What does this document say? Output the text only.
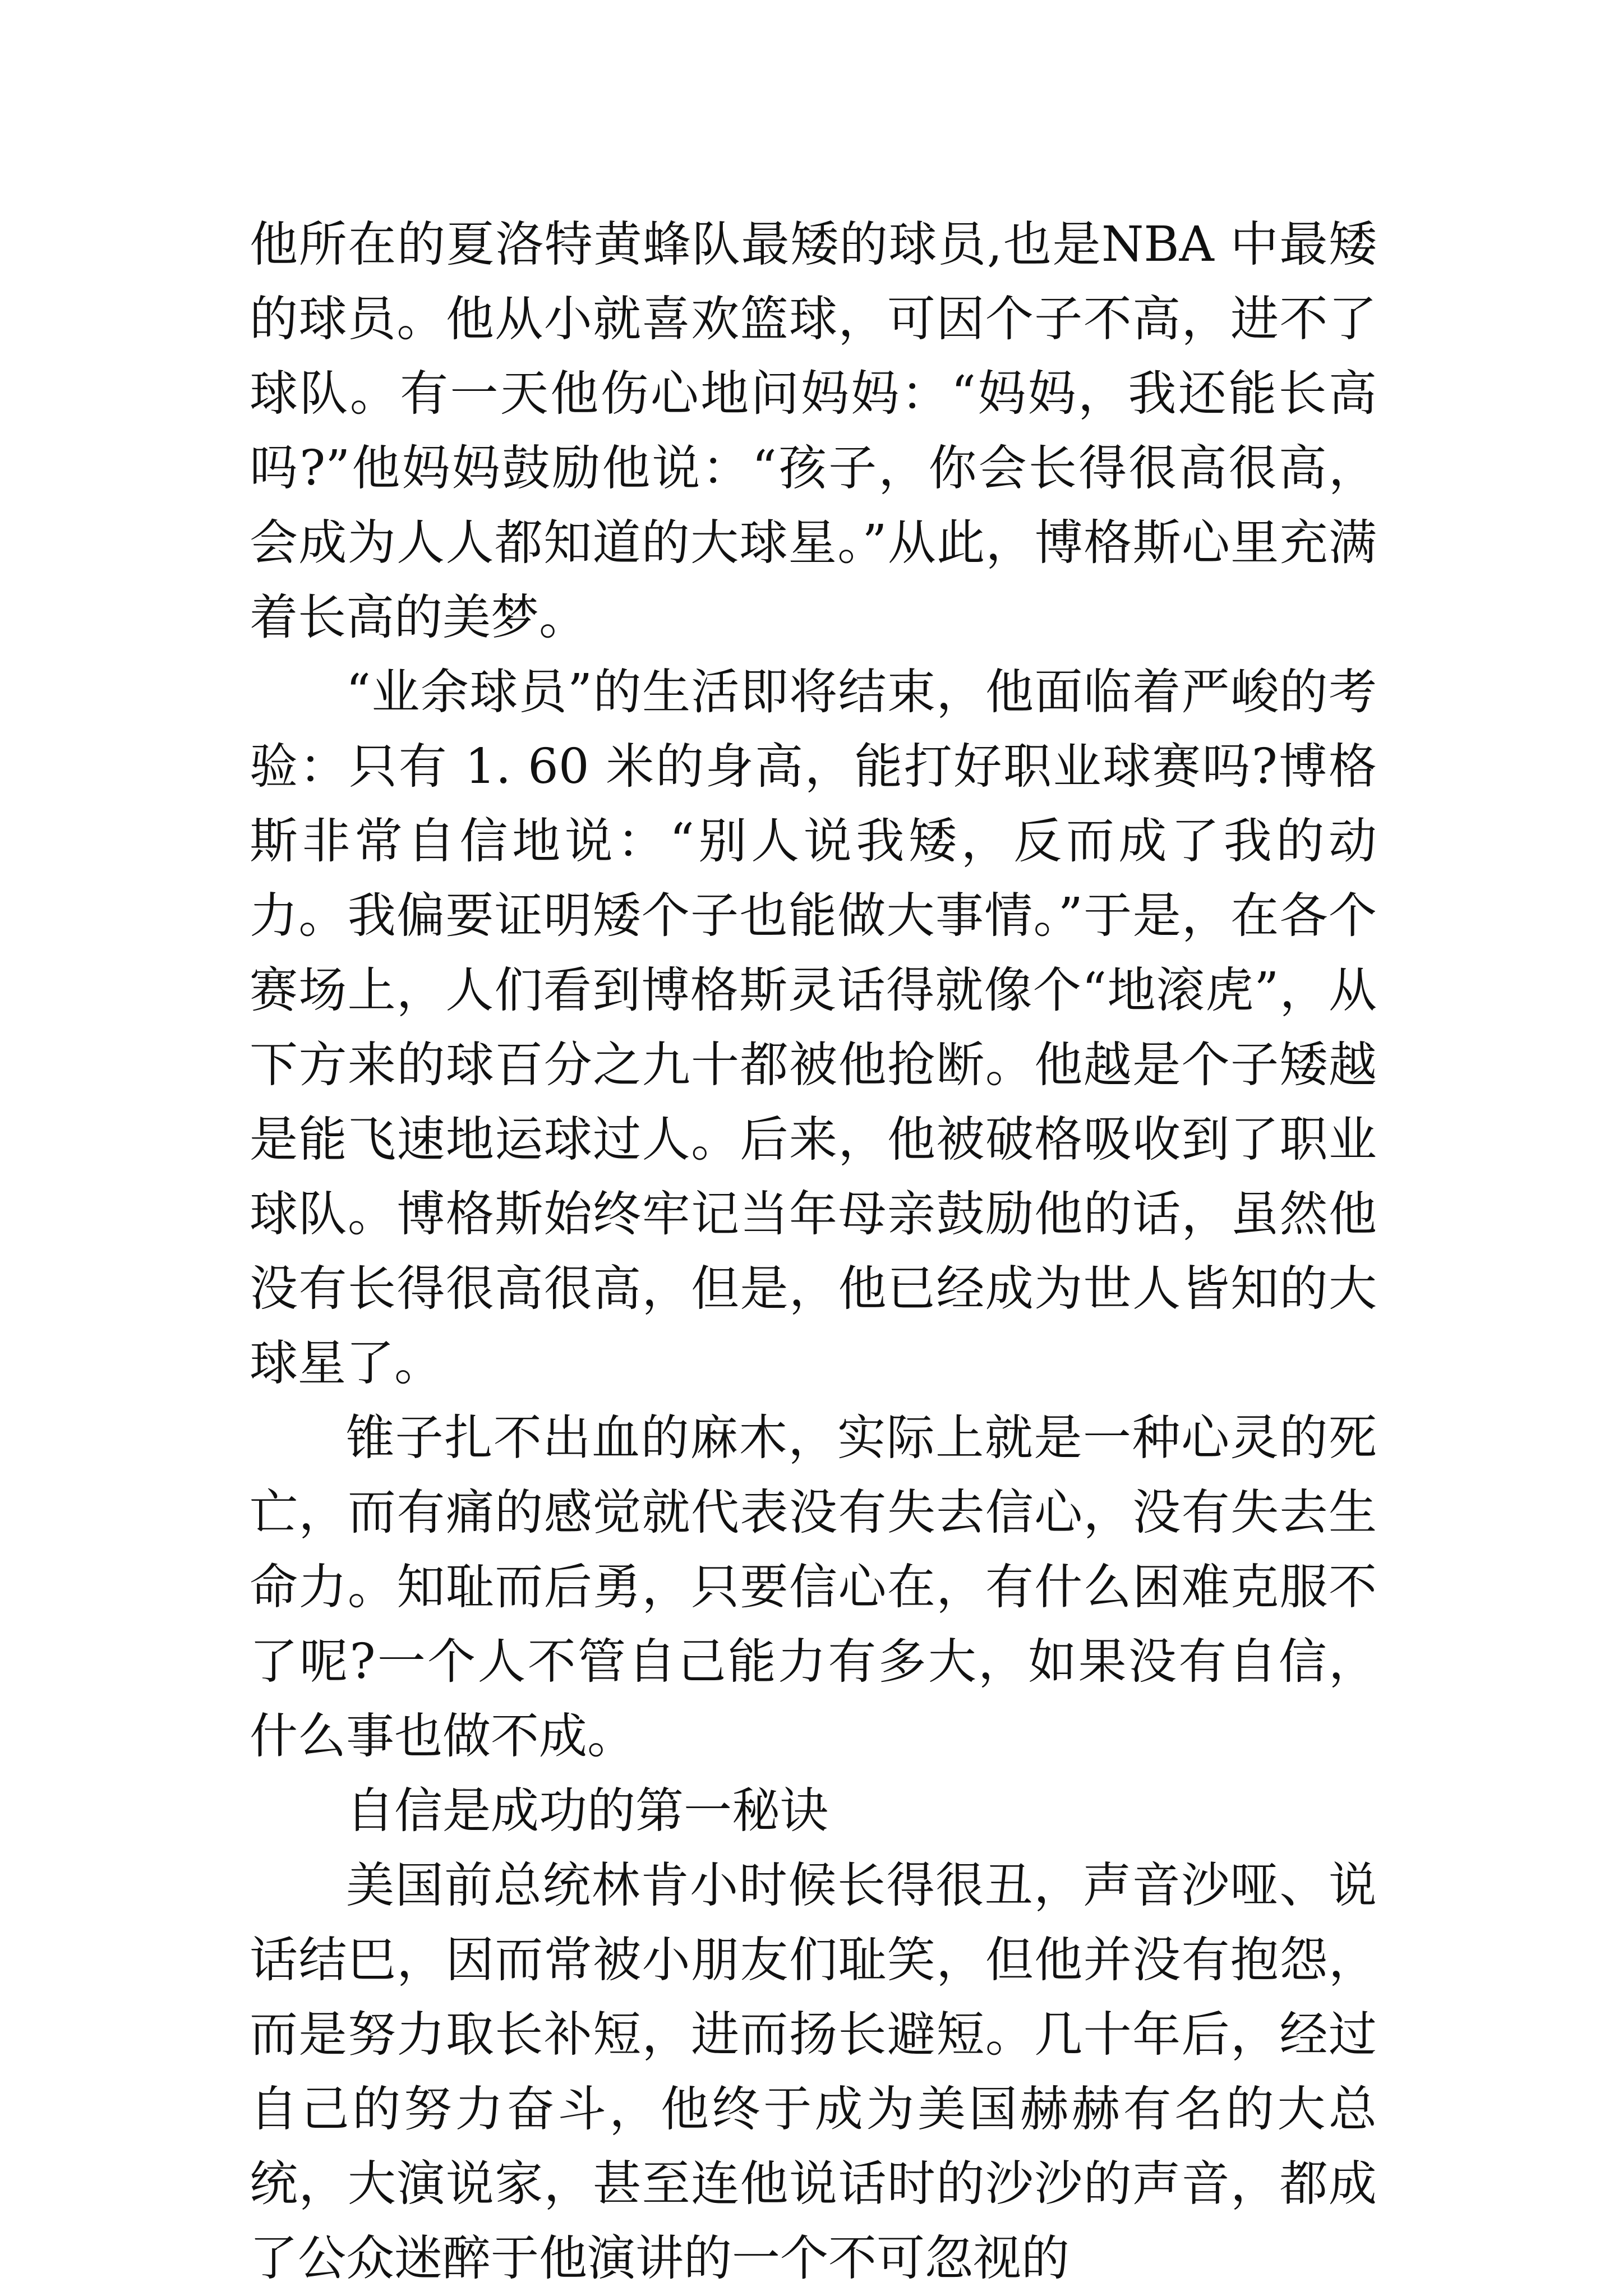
他所在的夏洛特黄蜂队最矮的球员,也是NBA 中最矮的球员。他从小就喜欢篮球，可因个子不高，进不了球队。有一天他伤心地问妈妈：“妈妈，我还能长高吗?”他妈妈鼓励他说：“孩子，你会长得很高很高，会成为人人都知道的大球星。”从此，博格斯心里充满着长高的美梦。

“业余球员”的生活即将结束，他面临着严峻的考验：只有 1. 60 米的身高，能打好职业球赛吗?博格斯非常自信地说：“别人说我矮，反而成了我的动力。我偏要证明矮个子也能做大事情。”于是，在各个赛场上，人们看到博格斯灵话得就像个“地滚虎”，从下方来的球百分之九十都被他抢断。他越是个子矮越是能飞速地运球过人。后来，他被破格吸收到了职业球队。博格斯始终牢记当年母亲鼓励他的话，虽然他没有长得很高很高，但是，他已经成为世人皆知的大球星了。

锥子扎不出血的麻木，实际上就是一种心灵的死亡，而有痛的感觉就代表没有失去信心，没有失去生命力。知耻而后勇，只要信心在，有什么困难克服不了呢?一个人不管自己能力有多大，如果没有自信，什么事也做不成。

自信是成功的第一秘诀

美国前总统林肯小时候长得很丑，声音沙哑、说话结巴，因而常被小朋友们耻笑，但他并没有抱怨，而是努力取长补短，进而扬长避短。几十年后，经过自己的努力奋斗，他终于成为美国赫赫有名的大总统，大演说家，甚至连他说话时的沙沙的声音，都成了公众迷醉于他演讲的一个不可忽视的
